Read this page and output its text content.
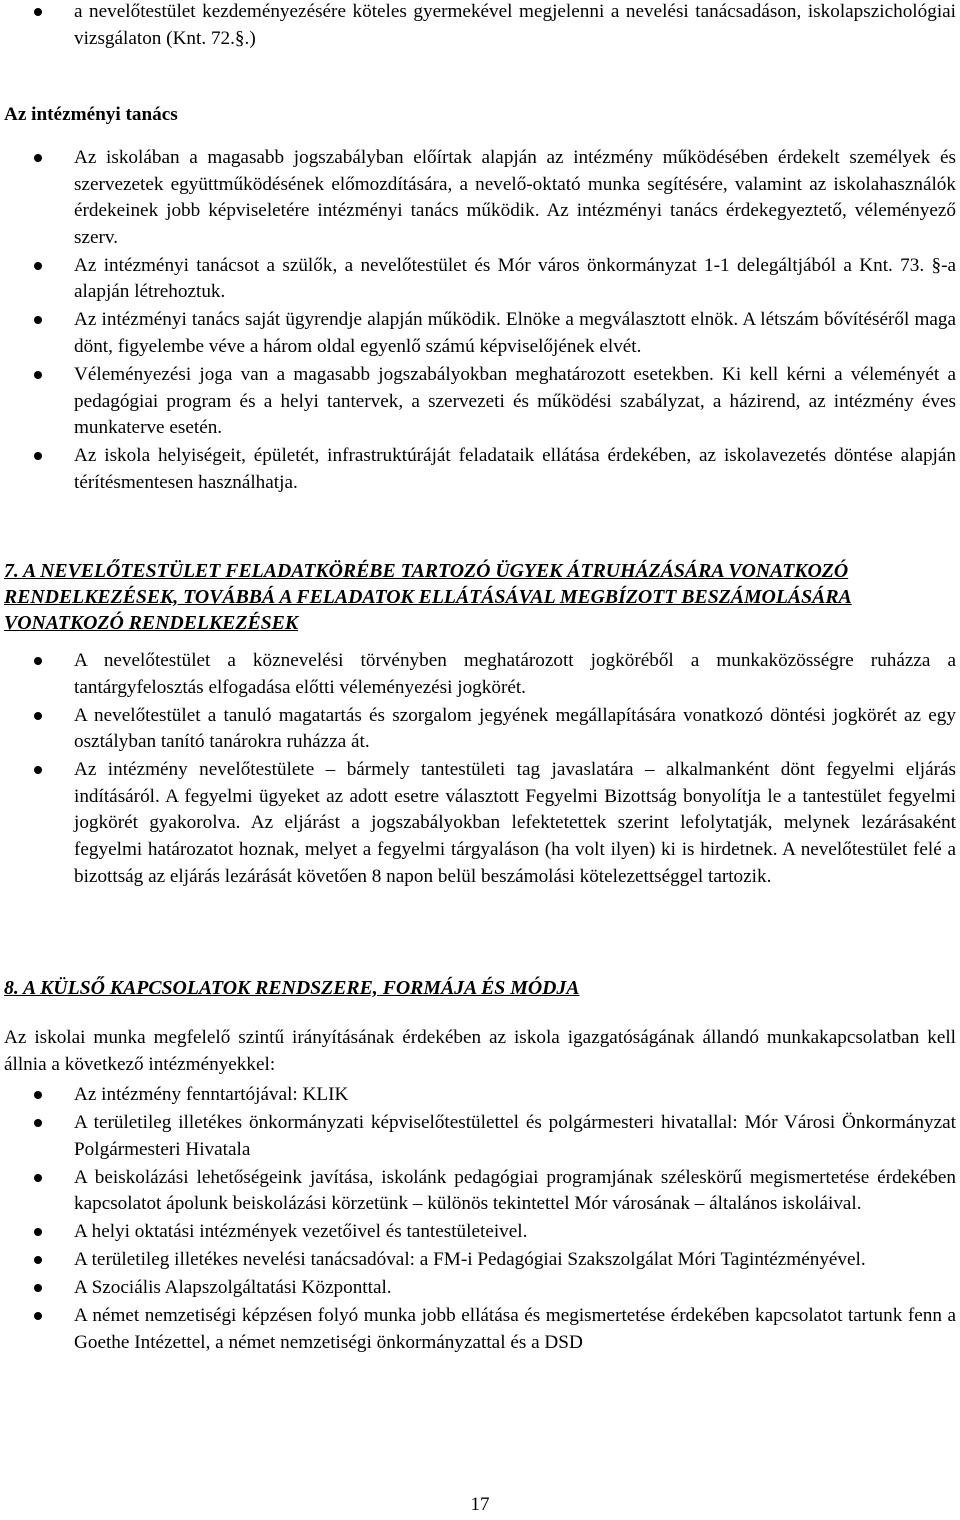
a nevelőtestület kezdeményezésére köteles gyermekével megjelenni a nevelési tanácsadáson, iskolapszichológiai vizsgálaton (Knt. 72.§.)
Az intézményi tanács
Az iskolában a magasabb jogszabályban előírtak alapján az intézmény működésében érdekelt személyek és szervezetek együttműködésének előmozdítására, a nevelő-oktató munka segítésére, valamint az iskolahasználók érdekeinek jobb képviseletére intézményi tanács működik. Az intézményi tanács érdekegyeztető, véleményező szerv.
Az intézményi tanácsot a szülők, a nevelőtestület és Mór város önkormányzat 1-1 delegáltjából a Knt. 73. §-a alapján létrehoztuk.
Az intézményi tanács saját ügyrendje alapján működik. Elnöke a megválasztott elnök. A létszám bővítéséről maga dönt, figyelembe véve a három oldal egyenlő számú képviselőjének elvét.
Véleményezési joga van a magasabb jogszabályokban meghatározott esetekben. Ki kell kérni a véleményét a pedagógiai program és a helyi tantervek, a szervezeti és működési szabályzat, a házirend, az intézmény éves munkaterve esetén.
Az iskola helyiségeit, épületét, infrastruktúráját feladataik ellátása érdekében, az iskolavezetés döntése alapján térítésmentesen használhatja.
7. A NEVELŐTESTÜLET FELADATKÖRÉBE TARTOZÓ ÜGYEK ÁTRUHÁZÁSÁRA VONATKOZÓ RENDELKEZÉSEK, TOVÁBBÁ A FELADATOK ELLÁTÁSÁVAL MEGBÍZOTT BESZÁMOLÁSÁRA VONATKOZÓ RENDELKEZÉSEK
A nevelőtestület a köznevelési törvényben meghatározott jogköréből a munkaközösségre ruházza a tantárgyfelosztás elfogadása előtti véleményezési jogkörét.
A nevelőtestület a tanuló magatartás és szorgalom jegyének megállapítására vonatkozó döntési jogkörét az egy osztályban tanító tanárokra ruházza át.
Az intézmény nevelőtestülete – bármely tantestületi tag javaslatára – alkalmanként dönt fegyelmi eljárás indításáról. A fegyelmi ügyeket az adott esetre választott Fegyelmi Bizottság bonyolítja le a tantestület fegyelmi jogkörét gyakorolva. Az eljárást a jogszabályokban lefektetettek szerint lefolytatják, melynek lezárásaként fegyelmi határozatot hoznak, melyet a fegyelmi tárgyaláson (ha volt ilyen) ki is hirdetnek. A nevelőtestület felé a bizottság az eljárás lezárását követően 8 napon belül beszámolási kötelezettséggel tartozik.
8. A KÜLSŐ KAPCSOLATOK RENDSZERE, FORMÁJA ÉS MÓDJA

Az iskolai munka megfelelő szintű irányításának érdekében az iskola igazgatóságának állandó munkakapcsolatban kell állnia a következő intézményekkel:

Az intézmény fenntartójával: KLIK
A területileg illetékes önkormányzati képviselőtestülettel és polgármesteri hivatallal: Mór Városi Önkormányzat Polgármesteri Hivatala
A beiskolázási lehetőségeink javítása, iskolánk pedagógiai programjának széleskörű megismertetése érdekében kapcsolatot ápolunk beiskolázási körzetünk – különös tekintettel Mór városának – általános iskoláival.
A helyi oktatási intézmények vezetőivel és tantestületeivel.
A területileg illetékes nevelési tanácsadóval: a FM-i Pedagógiai Szakszolgálat Móri Tagintézményével.
A Szociális Alapszolgáltatási Központtal.
A német nemzetiségi képzésen folyó munka jobb ellátása és megismertetése érdekében kapcsolatot tartunk fenn a Goethe Intézettel, a német nemzetiségi önkormányzattal és a DSD
17
